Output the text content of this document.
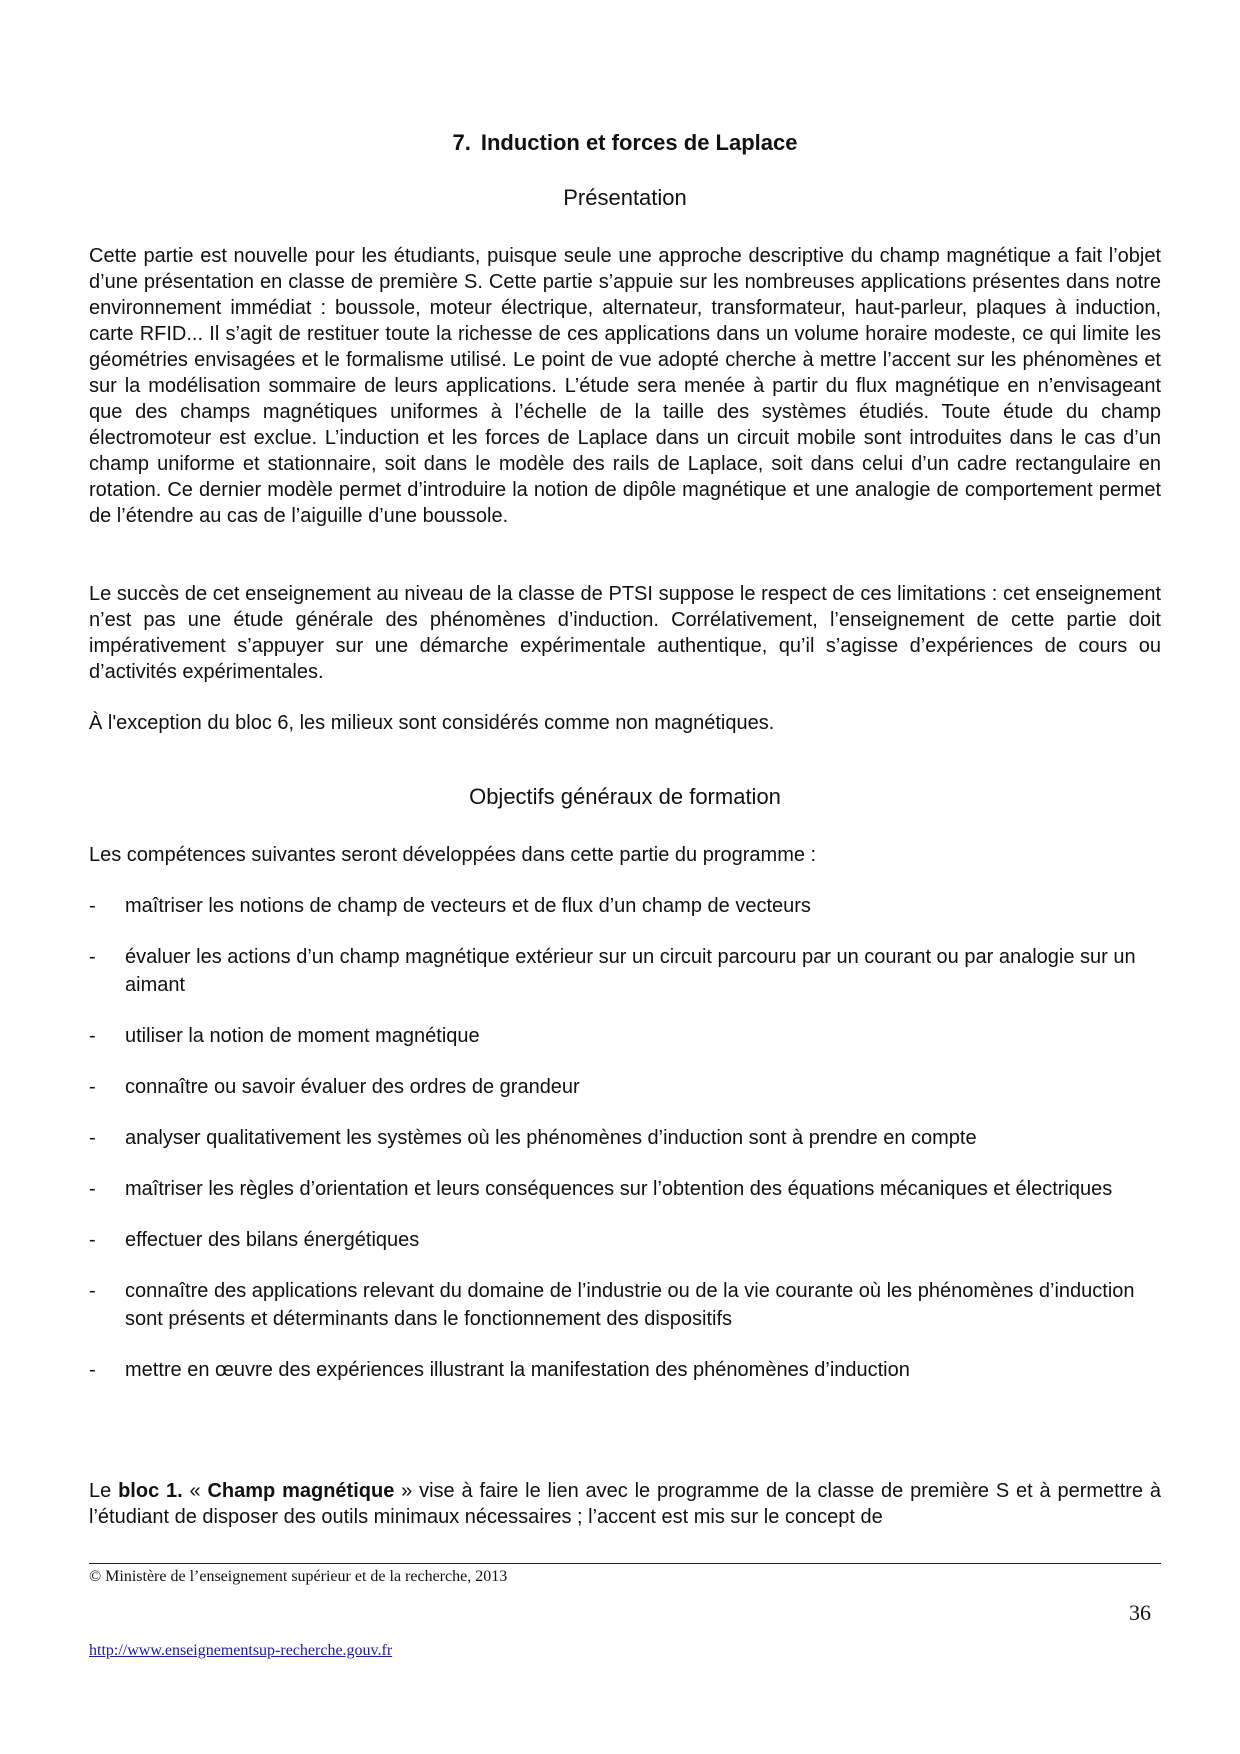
7. Induction et forces de Laplace
Présentation

Cette partie est nouvelle pour les étudiants, puisque seule une approche descriptive du champ magnétique a fait l’objet d’une présentation en classe de première S. Cette partie s’appuie sur les nombreuses applications présentes dans notre environnement immédiat : boussole, moteur électrique, alternateur, transformateur, haut-parleur, plaques à induction, carte RFID... Il s’agit de restituer toute la richesse de ces applications dans un volume horaire modeste, ce qui limite les géométries envisagées et le formalisme utilisé. Le point de vue adopté cherche à mettre l’accent sur les phénomènes et sur la modélisation sommaire de leurs applications. L’étude sera menée à partir du flux magnétique en n’envisageant que des champs magnétiques uniformes à l’échelle de la taille des systèmes étudiés. Toute étude du champ électromoteur est exclue. L’induction et les forces de Laplace dans un circuit mobile sont introduites dans le cas d’un champ uniforme et stationnaire, soit dans le modèle des rails de Laplace, soit dans celui d’un cadre rectangulaire en rotation. Ce dernier modèle permet d’introduire la notion de dipôle magnétique et une analogie de comportement permet de l’étendre au cas de l’aiguille d’une boussole.

Le succès de cet enseignement au niveau de la classe de PTSI suppose le respect de ces limitations : cet enseignement n’est pas une étude générale des phénomènes d’induction. Corrélativement, l’enseignement de cette partie doit impérativement s’appuyer sur une démarche expérimentale authentique, qu’il s’agisse d’expériences de cours ou d’activités expérimentales.

À l'exception du bloc 6, les milieux sont considérés comme non magnétiques.

Objectifs généraux de formation

Les compétences suivantes seront développées dans cette partie du programme :

- maîtriser les notions de champ de vecteurs et de flux d’un champ de vecteurs
- évaluer les actions d’un champ magnétique extérieur sur un circuit parcouru par un courant ou par analogie sur un aimant
- utiliser la notion de moment magnétique
- connaître ou savoir évaluer des ordres de grandeur
- analyser qualitativement les systèmes où les phénomènes d’induction sont à prendre en compte
- maîtriser les règles d’orientation et leurs conséquences sur l’obtention des équations mécaniques et électriques
- effectuer des bilans énergétiques
- connaître des applications relevant du domaine de l’industrie ou de la vie courante où les phénomènes d’induction sont présents et déterminants dans le fonctionnement des dispositifs
- mettre en œuvre des expériences illustrant la manifestation des phénomènes d’induction

Le bloc 1. « Champ magnétique » vise à faire le lien avec le programme de la classe de première S et à permettre à l’étudiant de disposer des outils minimaux nécessaires ; l’accent est mis sur le concept de

© Ministère de l’enseignement supérieur et de la recherche, 2013
36
http://www.enseignementsup-recherche.gouv.fr
